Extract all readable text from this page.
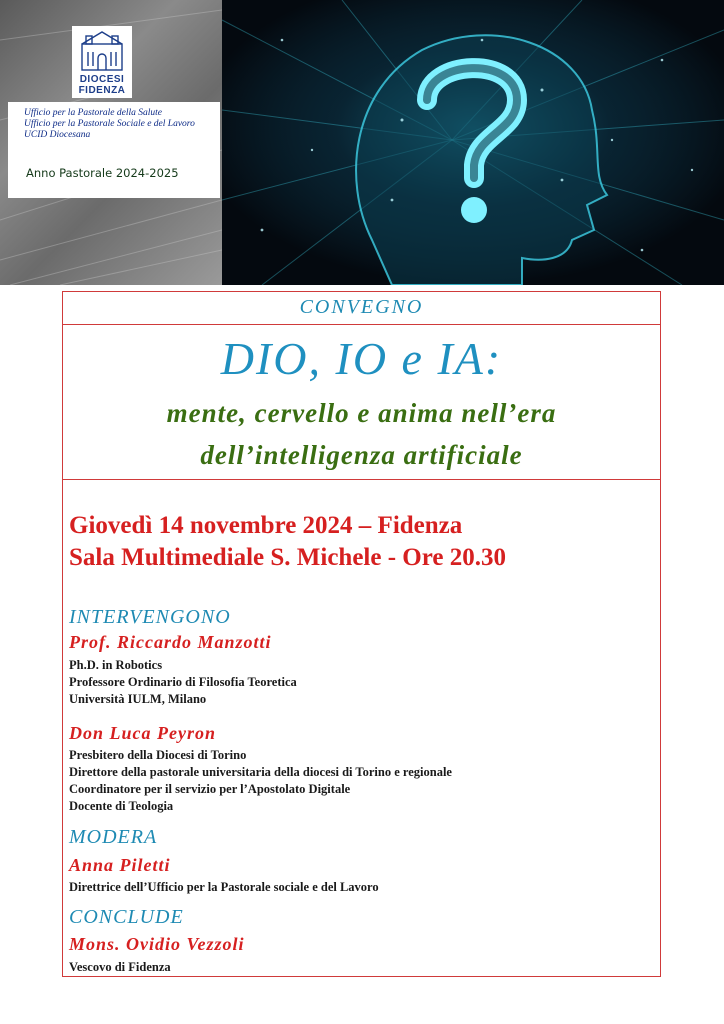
DIOCESI
FIDENZA
Ufficio per la Pastorale della Salute
Ufficio per la Pastorale Sociale e del Lavoro
UCID Diocesana
Anno Pastorale 2024-2025
CONVEGNO
DIO, IO e IA:
mente, cervello e anima nell’era
dell’intelligenza artificiale
Giovedì 14 novembre 2024 – Fidenza
Sala Multimediale S. Michele - Ore 20.30
INTERVENGONO
Prof. Riccardo Manzotti
Ph.D. in Robotics
Professore Ordinario di Filosofia Teoretica
Università IULM, Milano
Don Luca Peyron
Presbitero della Diocesi di Torino
Direttore della pastorale universitaria della diocesi di Torino e regionale
Coordinatore per il servizio per l’Apostolato Digitale
Docente di Teologia
MODERA
Anna Piletti
Direttrice dell’Ufficio per la Pastorale sociale e del Lavoro
CONCLUDE
Mons. Ovidio Vezzoli
Vescovo di Fidenza
